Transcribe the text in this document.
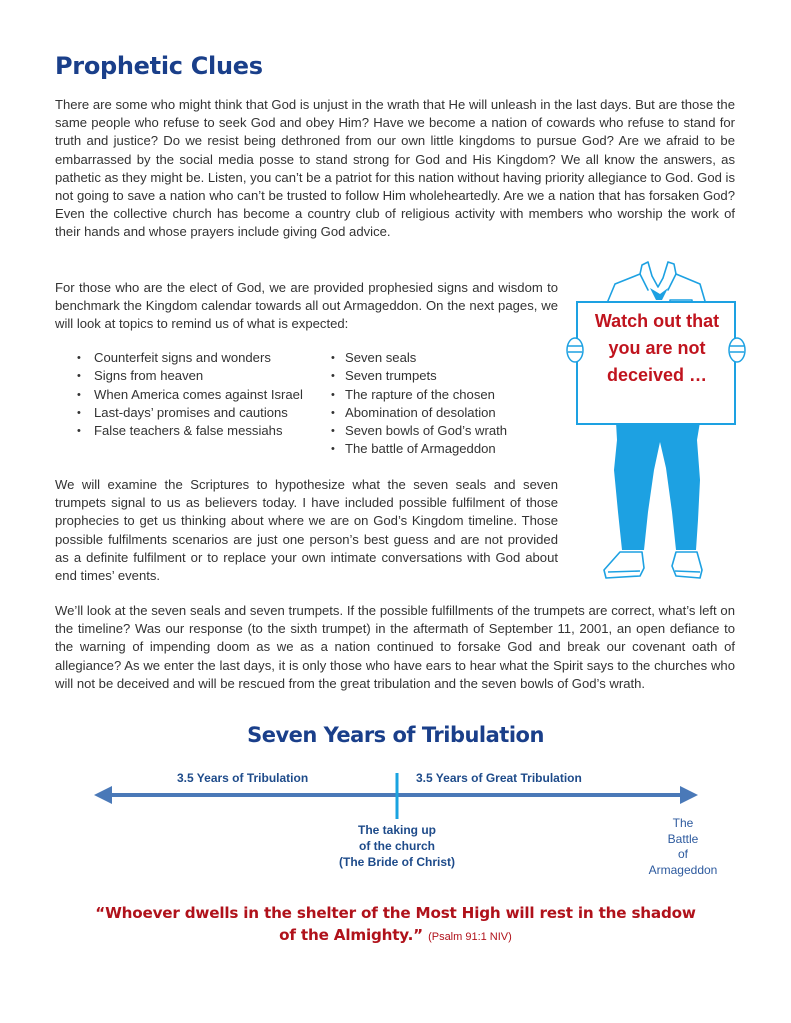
Prophetic Clues

There are some who might think that God is unjust in the wrath that He will unleash in the last days. But are those the same people who refuse to seek God and obey Him? Have we become a nation of cowards who refuse to stand for truth and justice? Do we resist being dethroned from our own little kingdoms to pursue God? Are we afraid to be embarrassed by the social media posse to stand strong for God and His Kingdom? We all know the answers, as pathetic as they might be. Listen, you can’t be a patriot for this nation without having priority allegiance to God. God is not going to save a nation who can’t be trusted to follow Him wholeheartedly. Are we a nation that has forsaken God? Even the collective church has become a country club of religious activity with members who worship the work of their hands and whose prayers include giving God advice.

For those who are the elect of God, we are provided prophesied signs and wisdom to benchmark the Kingdom calendar towards all out Armageddon. On the next pages, we will look at topics to remind us of what is expected:

• Counterfeit signs and wonders
• Signs from heaven
• When America comes against Israel
• Last-days’ promises and cautions
• False teachers & false messiahs
• Seven seals
• Seven trumpets
• The rapture of the chosen
• Abomination of desolation
• Seven bowls of God’s wrath
• The battle of Armageddon

We will examine the Scriptures to hypothesize what the seven seals and seven trumpets signal to us as believers today. I have included possible fulfilment of those prophecies to get us thinking about where we are on God’s Kingdom timeline. Those possible fulfilments scenarios are just one person’s best guess and are not provided as a definite fulfilment or to replace your own intimate conversations with God about end times’ events.

We’ll look at the seven seals and seven trumpets. If the possible fulfillments of the trumpets are correct, what’s left on the timeline? Was our response (to the sixth trumpet) in the aftermath of September 11, 2001, an open defiance to the warning of impending doom as we as a nation continued to forsake God and break our covenant oath of allegiance? As we enter the last days, it is only those who have ears to hear what the Spirit says to the churches who will not be deceived and will be rescued from the great tribulation and the seven bowls of God’s wrath.

Watch out that
you are not
deceived …
Seven Years of Tribulation
3.5 Years of Tribulation	3.5 Years of Great Tribulation
The taking up
of the church
(The Bride of Christ)
The
Battle
of
Armageddon

“Whoever dwells in the shelter of the Most High will rest in the shadow
of the Almighty.” (Psalm 91:1 NIV)
